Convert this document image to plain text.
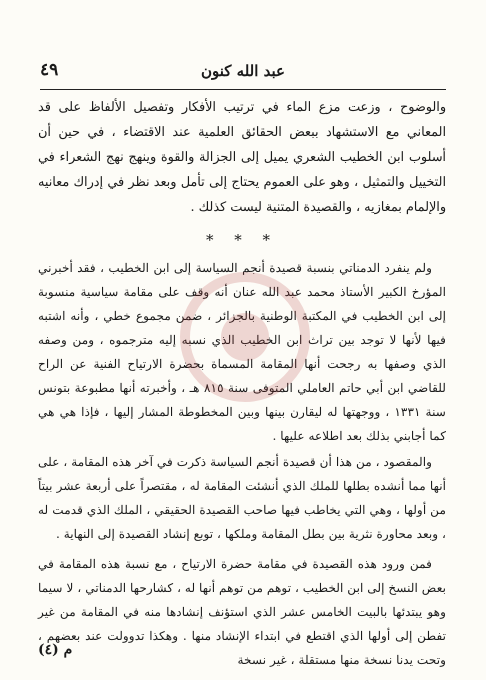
عبد الله كنون
٤٩

والوضوح ، وزعت مزع الماء في ترتيب الأفكار وتفصيل الألفاظ على قد المعاني مع الاستشهاد ببعض الحقائق العلمية عند الاقتضاء ، في حين أن أسلوب ابن الخطيب الشعري يميل إلى الجزالة والقوة وينهج نهج الشعراء في التخييل والتمثيل ، وهو على العموم يحتاج إلى تأمل وبعد نظر في إدراك معانيه والإلمام بمغازيه ، والقصيدة المتنية ليست كذلك .

* * *

ولم ينفرد الدمناتي بنسبة قصيدة أنجم السياسة إلى ابن الخطيب ، فقد أخبرني المؤرخ الكبير الأستاذ محمد عبد الله عنان أنه وقف على مقامة سياسية منسوبة إلى ابن الخطيب في المكتبة الوطنية بالجزائر ، ضمن مجموع خطي ، وأنه اشتبه فيها لأنها لا توجد بين تراث ابن الخطيب الذي نسبه إليه مترجموه ، ومن وصفه الذي وصفها به رجحت أنها المقامة المسماة بحضرة الارتياح الفنية عن الراح للقاضي ابن أبي حاتم العاملي المتوفى سنة ٨١٥ هـ ، وأخبرته أنها مطبوعة بتونس سنة ١٣٣١ ، ووجهتها له ليقارن بينها وبين المخطوطة المشار إليها ، فإذا هي هي كما أجابني بذلك بعد اطلاعه عليها .

والمقصود ، من هذا أن قصيدة أنجم السياسة ذكرت في آخر هذه المقامة ، على أنها مما أنشده بطلها للملك الذي أنشئت المقامة له ، مقتصراً على أربعة عشر بيتاً من أولها ، وهي التي يخاطب فيها صاحب القصيدة الحقيقي ، الملك الذي قدمت له ، وبعد محاورة نثرية بين بطل المقامة وملكها ، توبع إنشاد القصيدة إلى النهاية .

فمن ورود هذه القصيدة في مقامة حضرة الارتياح ، مع نسبة هذه المقامة في بعض النسخ إلى ابن الخطيب ، توهم من توهم أنها له ، كشارحها الدمناتي ، لا سيما وهو يبتدئها بالبيت الخامس عشر الذي استؤنف إنشادها منه في المقامة من غير تفطن إلى أولها الذي اقتطع في ابتداء الإنشاد منها . وهكذا تدوولت عند بعضهم ، وتحت يدنا نسخة منها مستقلة ، غير نسخة

م (٤)
